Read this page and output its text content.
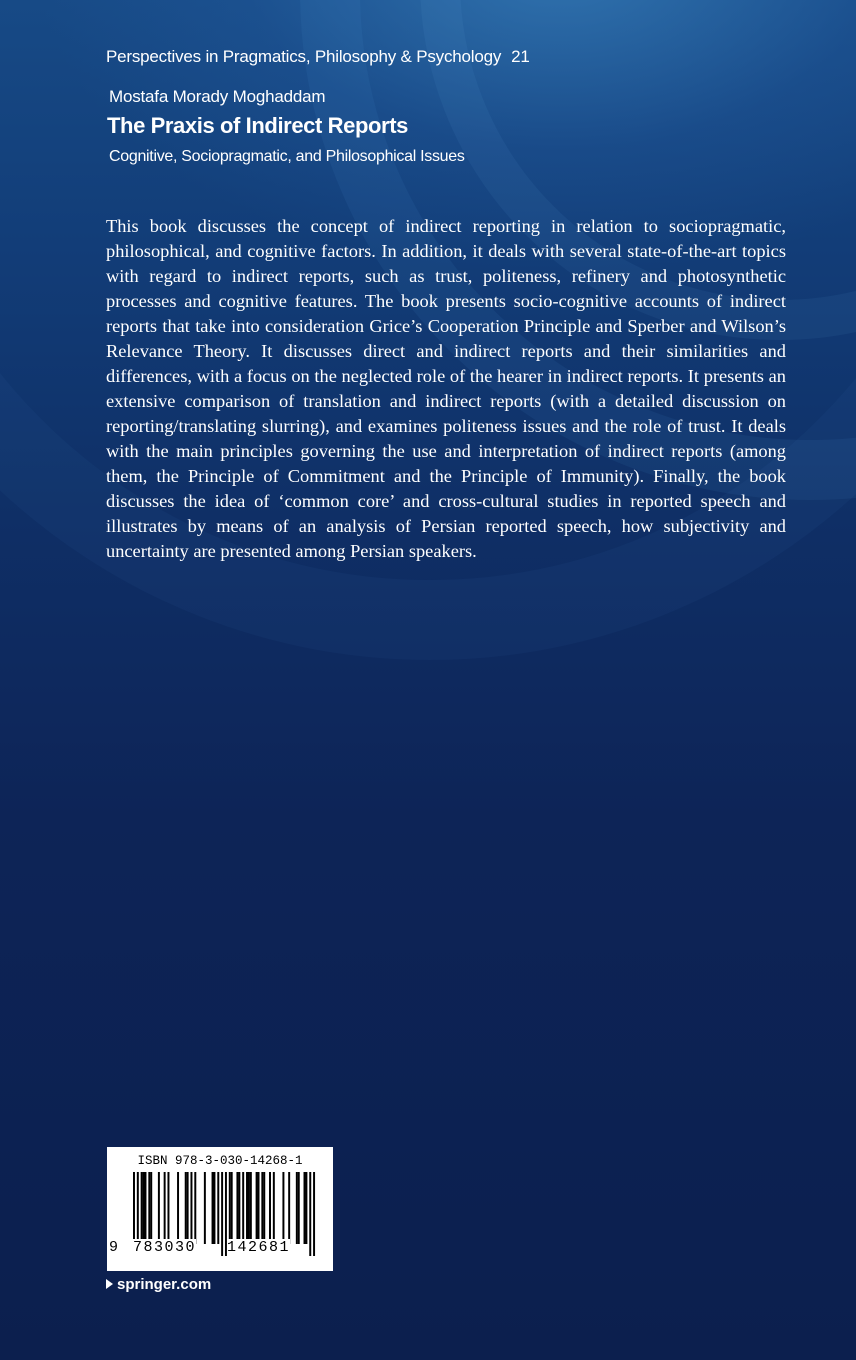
Perspectives in Pragmatics, Philosophy & Psychology 21
Mostafa Morady Moghaddam
The Praxis of Indirect Reports
Cognitive, Sociopragmatic, and Philosophical Issues

This book discusses the concept of indirect reporting in relation to sociopragmatic, philosophical, and cognitive factors. In addition, it deals with several state-of-the-art topics with regard to indirect reports, such as trust, politeness, refinery and photosynthetic processes and cognitive features. The book presents socio-cognitive accounts of indirect reports that take into consideration Grice’s Cooperation Principle and Sperber and Wilson’s Relevance Theory. It discusses direct and indirect reports and their similarities and differences, with a focus on the neglected role of the hearer in indirect reports. It presents an extensive comparison of translation and indirect reports (with a detailed discussion on reporting/translating slurring), and examines politeness issues and the role of trust. It deals with the main principles governing the use and interpretation of indirect reports (among them, the Principle of Commitment and the Principle of Immunity). Finally, the book discusses the idea of ‘common core’ and cross-cultural studies in reported speech and illustrates by means of an analysis of Persian reported speech, how subjectivity and uncertainty are presented among Persian speakers.

ISBN 978-3-030-14268-1
9 783030 142681
springer.com
